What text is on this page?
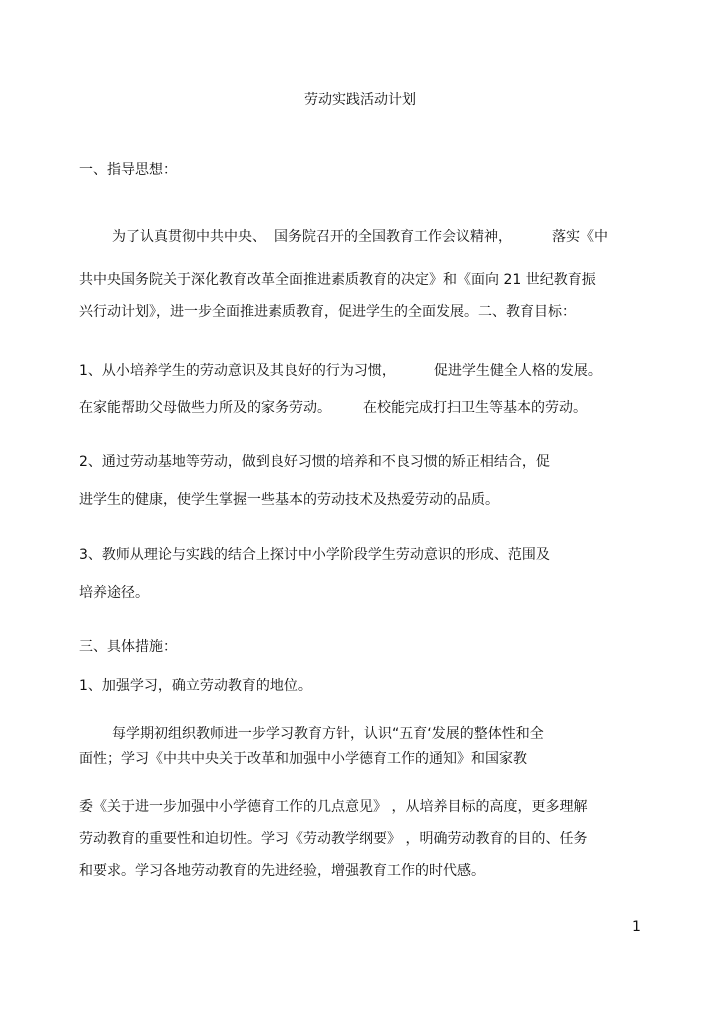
劳动实践活动计划
一、指导思想：
为了认真贯彻中共中央、 国务院召开的全国教育工作会议精神，	落实《中
共中央国务院关于深化教育改革全面推进素质教育的决定》和《面向 21 世纪教育振
兴行动计划》，进一步全面推进素质教育，促进学生的全面发展。二、教育目标：
1、从小培养学生的劳动意识及其良好的行为习惯，	促进学生健全人格的发展。
在家能帮助父母做些力所及的家务劳动。 在校能完成打扫卫生等基本的劳动。
2、通过劳动基地等劳动，做到良好习惯的培养和不良习惯的矫正相结合，促
进学生的健康，使学生掌握一些基本的劳动技术及热爱劳动的品质。
3、教师从理论与实践的结合上探讨中小学阶段学生劳动意识的形成、范围及
培养途径。
三、具体措施：
1、加强学习，确立劳动教育的地位。
每学期初组织教师进一步学习教育方针，认识“五育‘发展的整体性和全
面性；学习《中共中央关于改革和加强中小学德育工作的通知》和国家教
委《关于进一步加强中小学德育工作的几点意见》 ，从培养目标的高度，更多理解
劳动教育的重要性和迫切性。学习《劳动教学纲要》 ，明确劳动教育的目的、任务
和要求。学习各地劳动教育的先进经验，增强教育工作的时代感。
1
